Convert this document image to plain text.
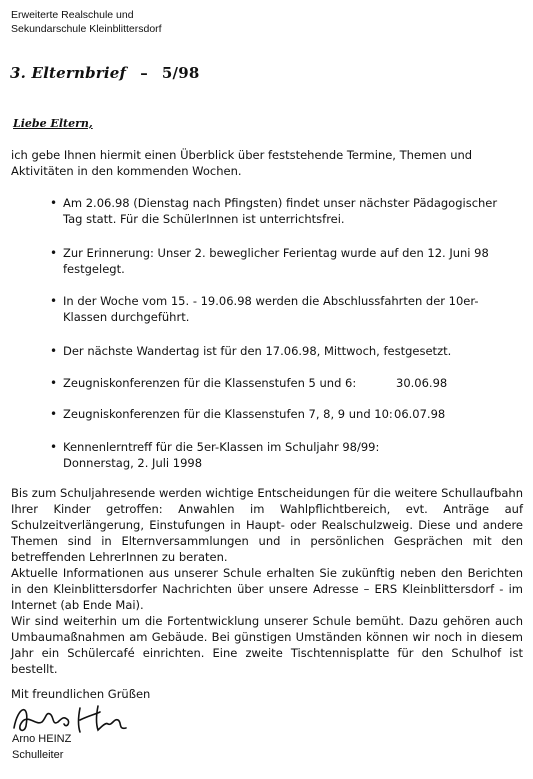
Erweiterte Realschule und
Sekundarschule Kleinblittersdorf
3. Elternbrief – 5/98
Liebe Eltern,
ich gebe Ihnen hiermit einen Überblick über feststehende Termine, Themen und Aktivitäten in den kommenden Wochen.
• Am 2.06.98 (Dienstag nach Pfingsten) findet unser nächster Pädagogischer Tag statt. Für die SchülerInnen ist unterrichtsfrei.
• Zur Erinnerung: Unser 2. beweglicher Ferientag wurde auf den 12. Juni 98 festgelegt.
• In der Woche vom 15. - 19.06.98 werden die Abschlussfahrten der 10er-Klassen durchgeführt.
• Der nächste Wandertag ist für den 17.06.98, Mittwoch, festgesetzt.
• Zeugniskonferenzen für die Klassenstufen 5 und 6:	30.06.98
• Zeugniskonferenzen für die Klassenstufen 7, 8, 9 und 10: 06.07.98
• Kennenlerntreff für die 5er-Klassen im Schuljahr 98/99:
Donnerstag, 2. Juli 1998

Bis zum Schuljahresende werden wichtige Entscheidungen für die weitere Schullaufbahn Ihrer Kinder getroffen: Anwahlen im Wahlpflichtbereich, evt. Anträge auf Schulzeitverlängerung, Einstufungen in Haupt- oder Realschulzweig. Diese und andere Themen sind in Elternversammlungen und in persönlichen Gesprächen mit den betreffenden LehrerInnen zu beraten.

Aktuelle Informationen aus unserer Schule erhalten Sie zukünftig neben den Berichten in den Kleinblittersdorfer Nachrichten über unsere Adresse – ERS Kleinblittersdorf - im Internet (ab Ende Mai).

Wir sind weiterhin um die Fortentwicklung unserer Schule bemüht. Dazu gehören auch Umbaumaßnahmen am Gebäude. Bei günstigen Umständen können wir noch in diesem Jahr ein Schülercafé einrichten. Eine zweite Tischtennisplatte für den Schulhof ist bestellt.

Mit freundlichen Grüßen
Arno HEINZ
Schulleiter
